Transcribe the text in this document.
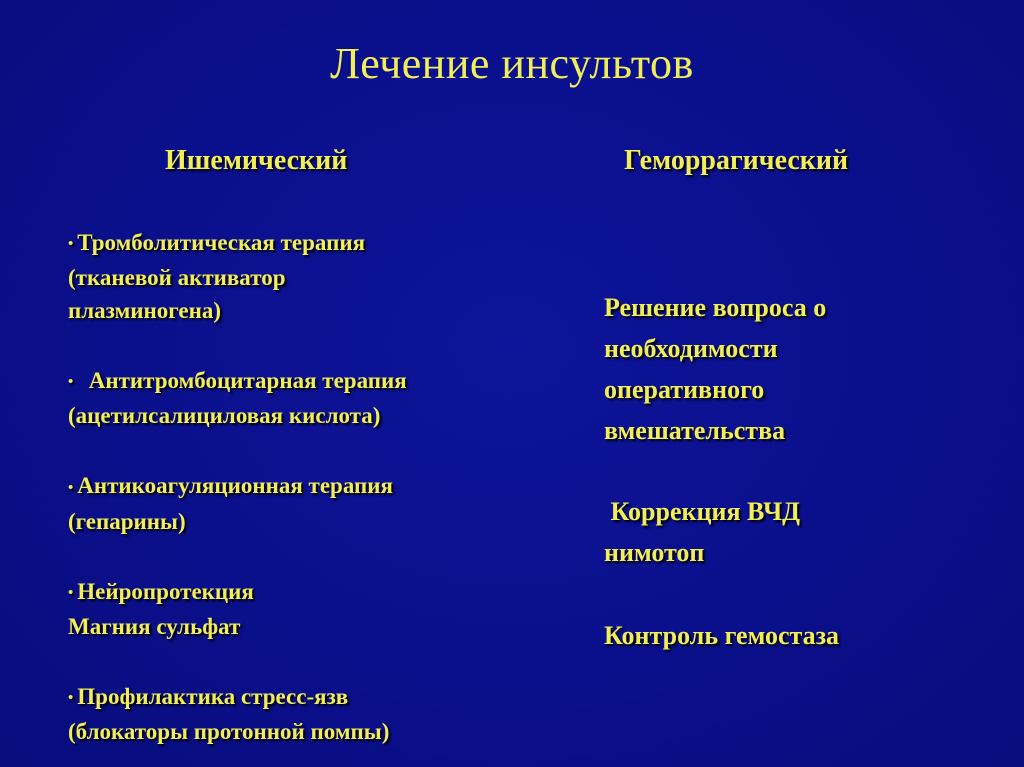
Лечение инсультов
Ишемический	Геморрагический
• Тромболитическая терапия
(тканевой активатор
плазминогена)
• Антитромбоцитарная терапия
(ацетилсалициловая кислота)
• Антикоагуляционная терапия
(гепарины)
• Нейропротекция
Магния сульфат
• Профилактика стресс-язв
(блокаторы протонной помпы)
Решение вопроса о
необходимости
оперативного
вмешательства
Коррекция ВЧД
нимотоп
Контроль гемостаза
